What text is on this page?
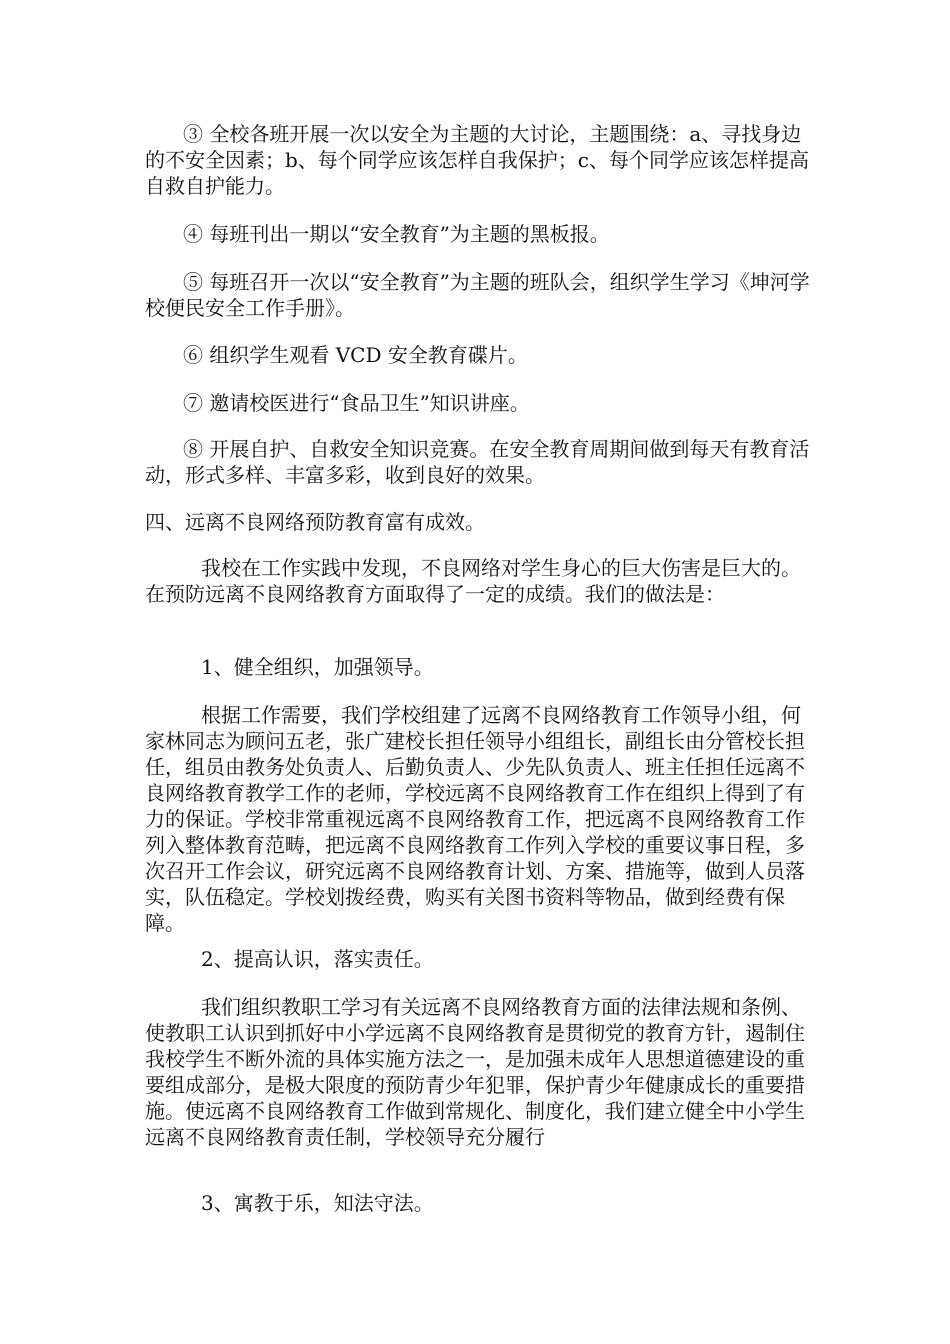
③ 全校各班开展一次以安全为主题的大讨论，主题围绕：a、寻找身边的不安全因素；b、每个同学应该怎样自我保护；c、每个同学应该怎样提高自救自护能力。

④ 每班刊出一期以“安全教育”为主题的黑板报。

⑤ 每班召开一次以“安全教育”为主题的班队会，组织学生学习《坤河学校便民安全工作手册》。

⑥ 组织学生观看 VCD 安全教育碟片。

⑦ 邀请校医进行“食品卫生”知识讲座。

⑧ 开展自护、自救安全知识竞赛。在安全教育周期间做到每天有教育活动，形式多样、丰富多彩，收到良好的效果。

四、远离不良网络预防教育富有成效。

我校在工作实践中发现，不良网络对学生身心的巨大伤害是巨大的。在预防远离不良网络教育方面取得了一定的成绩。我们的做法是：

1、健全组织，加强领导。

根据工作需要，我们学校组建了远离不良网络教育工作领导小组，何家林同志为顾问五老，张广建校长担任领导小组组长，副组长由分管校长担任，组员由教务处负责人、后勤负责人、少先队负责人、班主任担任远离不良网络教育教学工作的老师，学校远离不良网络教育工作在组织上得到了有力的保证。学校非常重视远离不良网络教育工作，把远离不良网络教育工作列入整体教育范畴，把远离不良网络教育工作列入学校的重要议事日程，多次召开工作会议，研究远离不良网络教育计划、方案、措施等，做到人员落实，队伍稳定。学校划拨经费，购买有关图书资料等物品，做到经费有保障。

2、提高认识，落实责任。

我们组织教职工学习有关远离不良网络教育方面的法律法规和条例、使教职工认识到抓好中小学远离不良网络教育是贯彻党的教育方针，遏制住我校学生不断外流的具体实施方法之一，是加强未成年人思想道德建设的重要组成部分，是极大限度的预防青少年犯罪，保护青少年健康成长的重要措施。使远离不良网络教育工作做到常规化、制度化，我们建立健全中小学生远离不良网络教育责任制，学校领导充分履行

3、寓教于乐，知法守法。
